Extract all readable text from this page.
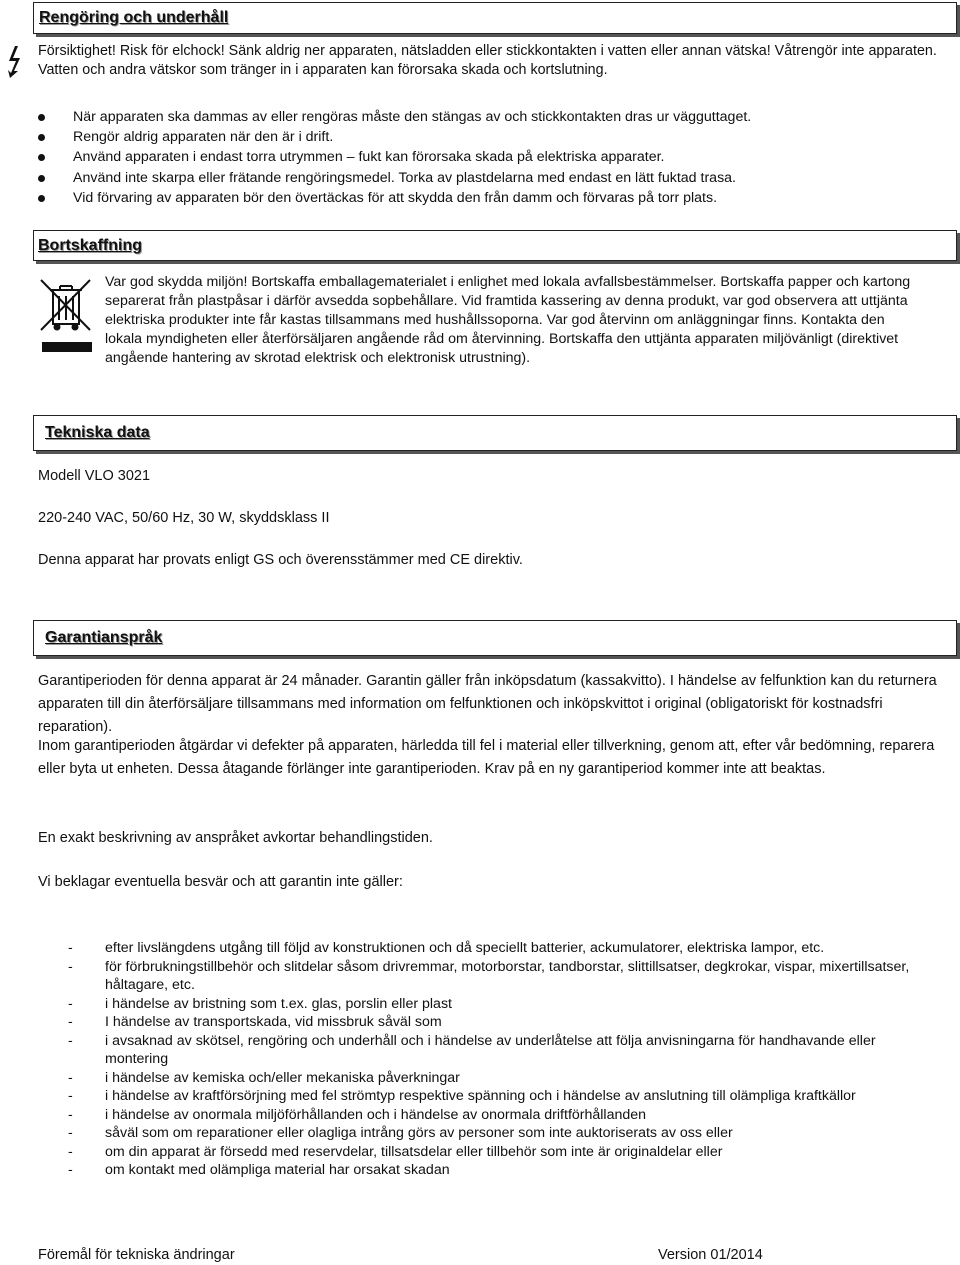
Rengöring och underhåll
Försiktighet! Risk för elchock! Sänk aldrig ner apparaten, nätsladden eller stickkontakten i vatten eller annan vätska! Våtrengör inte apparaten. Vatten och andra vätskor som tränger in i apparaten kan förorsaka skada och kortslutning.
När apparaten ska dammas av eller rengöras måste den stängas av och stickkontakten dras ur vägguttaget.
Rengör aldrig apparaten när den är i drift.
Använd apparaten i endast torra utrymmen – fukt kan förorsaka skada på elektriska apparater.
Använd inte skarpa eller frätande rengöringsmedel. Torka av plastdelarna med endast en lätt fuktad trasa.
Vid förvaring av apparaten bör den övertäckas för att skydda den från damm och förvaras på torr plats.
Bortskaffning
Var god skydda miljön! Bortskaffa emballagematerialet i enlighet med lokala avfallsbestämmelser. Bortskaffa papper och kartong separerat från plastpåsar i därför avsedda sopbehållare. Vid framtida kassering av denna produkt, var god observera att uttjänta elektriska produkter inte får kastas tillsammans med hushållssoporna. Var god återvinn om anläggningar finns. Kontakta den lokala myndigheten eller återförsäljaren angående råd om återvinning. Bortskaffa den uttjänta apparaten miljövänligt (direktivet angående hantering av skrotad elektrisk och elektronisk utrustning).
Tekniska data
Modell VLO 3021
220-240 VAC, 50/60 Hz, 30 W, skyddsklass II
Denna apparat har provats enligt GS och överensstämmer med CE direktiv.
Garantianspråk
Garantiperioden för denna apparat är 24 månader. Garantin gäller från inköpsdatum (kassakvitto). I händelse av felfunktion kan du returnera apparaten till din återförsäljare tillsammans med information om felfunktionen och inköpskvittot i original (obligatoriskt för kostnadsfri reparation).
Inom garantiperioden åtgärdar vi defekter på apparaten, härledda till fel i material eller tillverkning, genom att, efter vår bedömning, reparera eller byta ut enheten. Dessa åtagande förlänger inte garantiperioden. Krav på en ny garantiperiod kommer inte att beaktas.
En exakt beskrivning av anspråket avkortar behandlingstiden.
Vi beklagar eventuella besvär och att garantin inte gäller:
- efter livslängdens utgång till följd av konstruktionen och då speciellt batterier, ackumulatorer, elektriska lampor, etc.
- för förbrukningstillbehör och slitdelar såsom drivremmar, motorborstar, tandborstar, slittillsatser, degkrokar, vispar, mixertillsatser, håltagare, etc.
- i händelse av bristning som t.ex. glas, porslin eller plast
- I händelse av transportskada, vid missbruk såväl som
- i avsaknad av skötsel, rengöring och underhåll och i händelse av underlåtelse att följa anvisningarna för handhavande eller montering
- i händelse av kemiska och/eller mekaniska påverkningar
- i händelse av kraftförsörjning med fel strömtyp respektive spänning och i händelse av anslutning till olämpliga kraftkällor
- i händelse av onormala miljöförhållanden och i händelse av onormala driftförhållanden
- såväl som om reparationer eller olagliga intrång görs av personer som inte auktoriserats av oss eller
- om din apparat är försedd med reservdelar, tillsatsdelar eller tillbehör som inte är originaldelar eller
- om kontakt med olämpliga material har orsakat skadan
Föremål för tekniska ändringar	Version 01/2014
